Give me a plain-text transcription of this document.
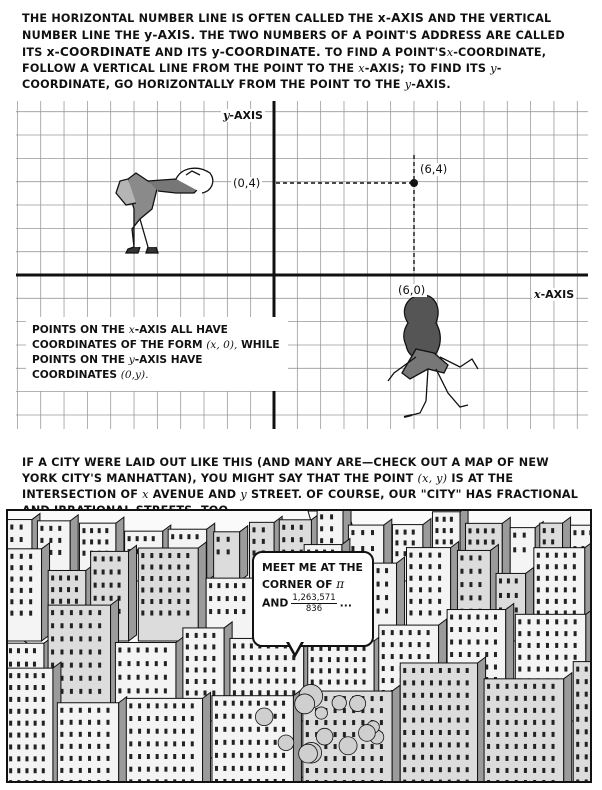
THE HORIZONTAL NUMBER LINE IS OFTEN CALLED THE x-AXIS AND THE VERTICAL NUMBER LINE THE y-AXIS. THE TWO NUMBERS OF A POINT'S ADDRESS ARE CALLED ITS x-COORDINATE AND ITS y-COORDINATE. TO FIND A POINT'Sx-COORDINATE, FOLLOW A VERTICAL LINE FROM THE POINT TO THE x-AXIS; TO FIND ITS y-COORDINATE, GO HORIZONTALLY FROM THE POINT TO THE y-AXIS.
y-AXIS
x-AXIS
(0,4)
(6,4)
(6,0)
POINTS ON THE x-AXIS ALL HAVE COORDINATES OF THE FORM (x, 0), WHILE POINTS ON THE y-AXIS HAVE COORDINATES (0,y).
IF A CITY WERE LAID OUT LIKE THIS (AND MANY ARE—CHECK OUT A MAP OF NEW YORK CITY'S MANHATTAN), YOU MIGHT SAY THAT THE POINT (x, y) IS AT THE INTERSECTION OF x AVENUE AND y STREET. OF COURSE, OUR "CITY" HAS FRACTIONAL
MEET ME AT THE
CORNER OF π
AND $\frac{1,263,571}{836}$ ...
